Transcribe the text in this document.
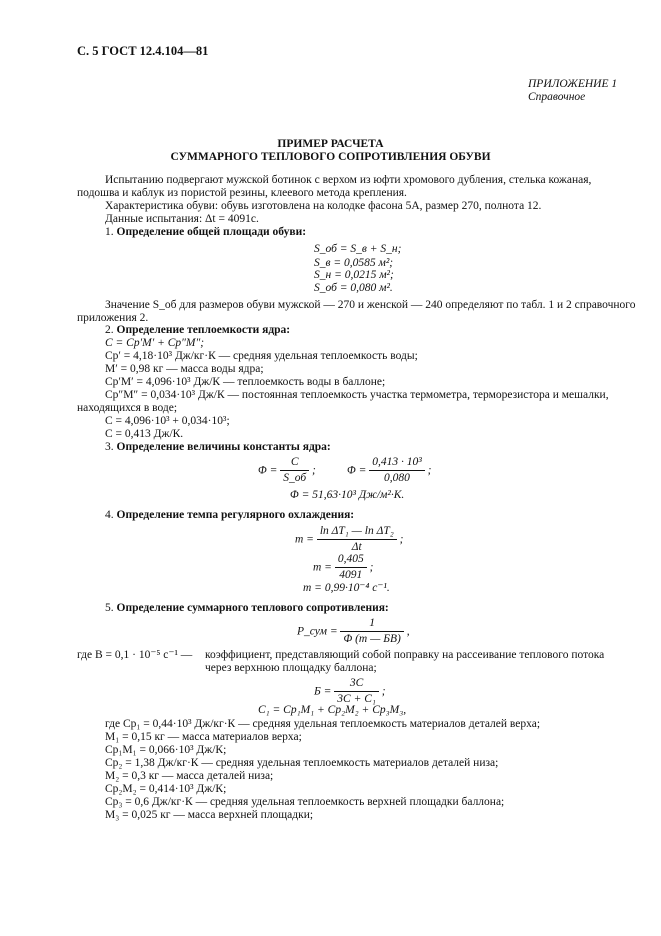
С. 5 ГОСТ 12.4.104—81
ПРИЛОЖЕНИЕ 1
Справочное
ПРИМЕР РАСЧЕТА
СУММАРНОГО ТЕПЛОВОГО СОПРОТИВЛЕНИЯ ОБУВИ
Испытанию подвергают мужской ботинок с верхом из юфти хромового дубления, стелька кожаная,
подошва и каблук из пористой резины, клеевого метода крепления.
Характеристика обуви: обувь изготовлена на колодке фасона 5А, размер 270, полнота 12.
Данные испытания: Δt = 4091с.
1. Определение общей площади обуви:
S_об = S_в + S_н;
S_в = 0,0585 м²;
S_н = 0,0215 м²;
S_об = 0,080 м².
Значение S_об для размеров обуви мужской — 270 и женской — 240 определяют по табл. 1 и 2 справочного
приложения 2.
2. Определение теплоемкости ядра:
C = Cp′M′ + Cp″M″;
Cp′ = 4,18·10³ Дж/кг·К — средняя удельная теплоемкость воды;
M′ = 0,98 кг — масса воды ядра;
Cp′M′ = 4,096·10³ Дж/К — теплоемкость воды в баллоне;
Cp″M″ = 0,034·10³ Дж/К — постоянная теплоемкость участка термометра, терморезистора и мешалки,
находящихся в воде;
C = 4,096·10³ + 0,034·10³;
C = 0,413 Дж/К.
3. Определение величины константы ядра:
$\Phi = \frac{C}{S\_об}$ ;	$\Phi = \frac{\text{0,413 · 10³}}{0,080}$ ;
Φ = 51,63·10³ Дж/м²·К.
4. Определение темпа регулярного охлаждения:
$m = \frac{\text{ln ΔT₁ — ln ΔT₂}}{\Delta t}$ ;
$m = \frac{0,405}{4091}$ ;
m = 0,99·10⁻⁴ с⁻¹.
5. Определение суммарного теплового сопротивления:
P_сум = $\frac{1}{\Phi (m — БВ)}$ ,
где B = 0,1 · 10⁻⁵ с⁻¹ — коэффициент, представляющий собой поправку на рассеивание теплового потока
через верхнюю площадку баллона;
$Б = \frac{3C}{\text{3C + C₁}}$ ;
C₁ = Cp₁M₁ + Cp₂M₂ + Cp₃M₃,
где Cp₁ = 0,44·10³ Дж/кг·К — средняя удельная теплоемкость материалов деталей верха;
M₁ = 0,15 кг — масса материалов верха;
Cp₁M₁ = 0,066·10³ Дж/К;
Cp₂ = 1,38 Дж/кг·К — средняя удельная теплоемкость материалов деталей низа;
M₂ = 0,3 кг — масса деталей низа;
Cp₂M₂ = 0,414·10³ Дж/К;
Cp₃ = 0,6 Дж/кг·К — средняя удельная теплоемкость верхней площадки баллона;
M₃ = 0,025 кг — масса верхней площадки;
